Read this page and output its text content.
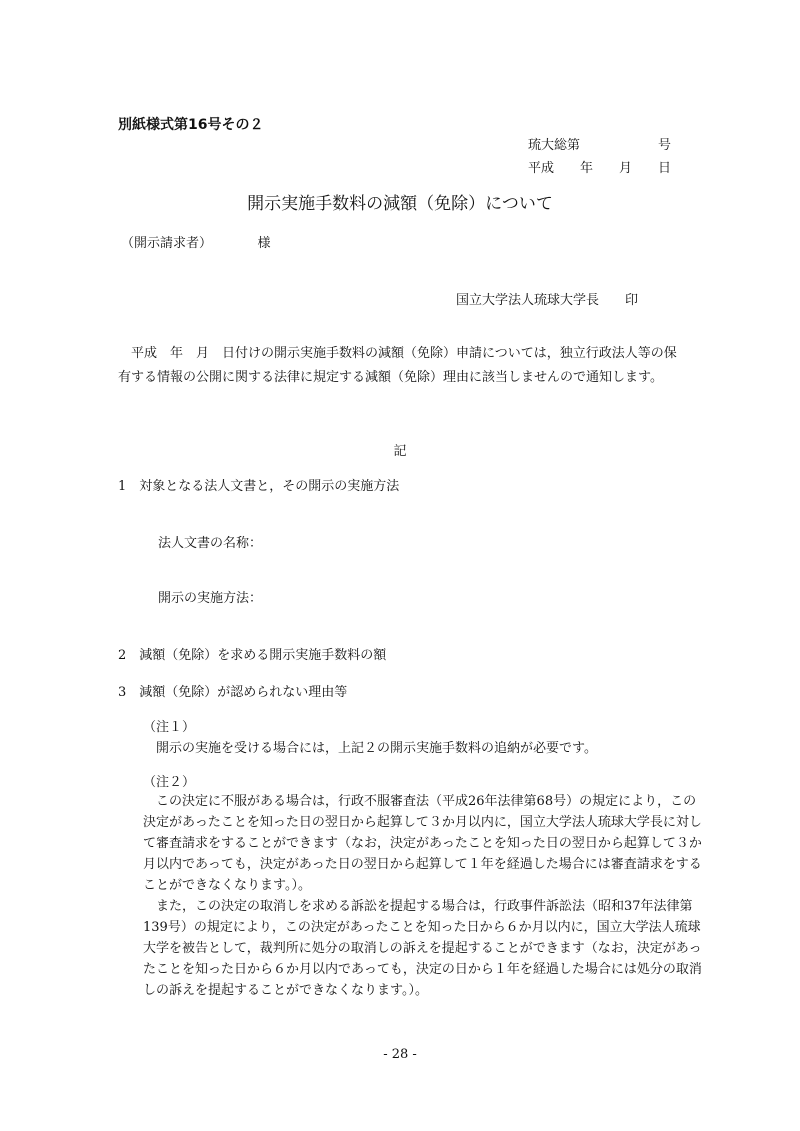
別紙様式第16号その２
琉大総第　　　　　　号
平成　　年　　月　　日
開示実施手数料の減額（免除）について
（開示請求者）　　　　様
国立大学法人琉球大学長　　印

平成　年　月　日付けの開示実施手数料の減額（免除）申請については，独立行政法人等の保有する情報の公開に関する法律に規定する減額（免除）理由に該当しませんので通知します。

記
1　対象となる法人文書と，その開示の実施方法
法人文書の名称：
開示の実施方法：
2　減額（免除）を求める開示実施手数料の額
3　減額（免除）が認められない理由等
（注１）
開示の実施を受ける場合には，上記２の開示実施手数料の追納が必要です。
（注２）

この決定に不服がある場合は，行政不服審査法（平成26年法律第68号）の規定により，この決定があったことを知った日の翌日から起算して３か月以内に，国立大学法人琉球大学長に対して審査請求をすることができます（なお，決定があったことを知った日の翌日から起算して３か月以内であっても，決定があった日の翌日から起算して１年を経過した場合には審査請求をすることができなくなります。）。

また，この決定の取消しを求める訴訟を提起する場合は，行政事件訴訟法（昭和37年法律第139号）の規定により，この決定があったことを知った日から６か月以内に，国立大学法人琉球大学を被告として，裁判所に処分の取消しの訴えを提起することができます（なお，決定があったことを知った日から６か月以内であっても，決定の日から１年を経過した場合には処分の取消しの訴えを提起することができなくなります。）。

- 28 -
